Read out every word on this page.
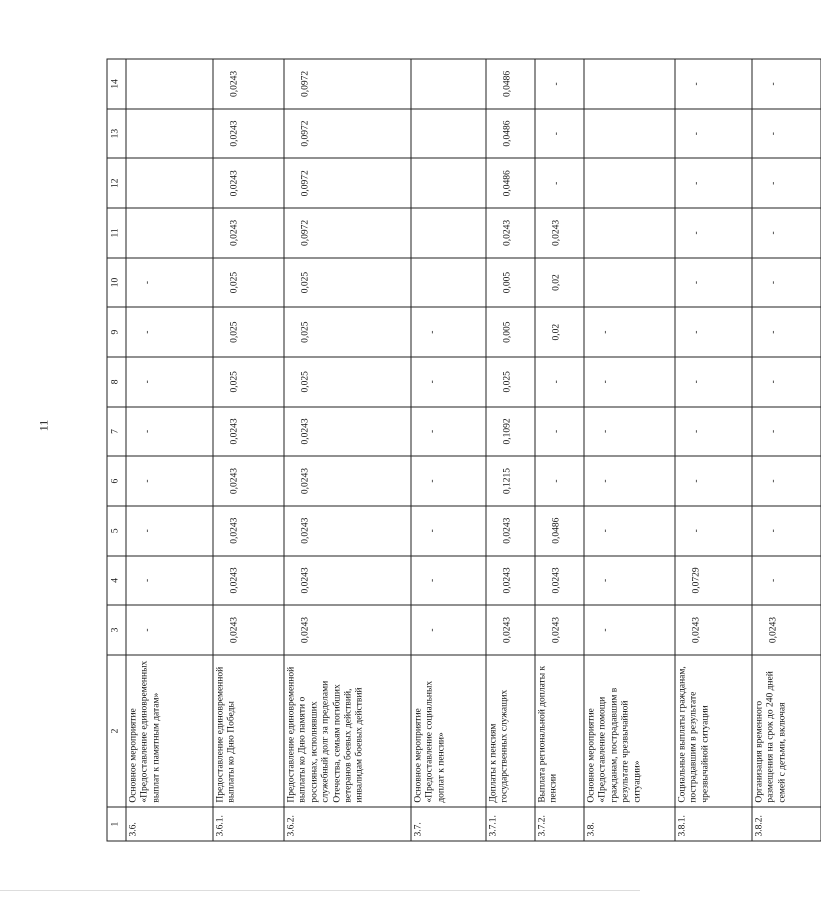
11
1	2	3	4	5	6	7	8	9	10	11	12	13	14
3.6.	Основное мероприятие «Предоставление единовременных выплат к памятным датам»	-	-	-	-	-	-	-	-				
3.6.1.	Предоставление единовременной выплаты ко Дню Победы	0,0243	0,0243	0,0243	0,0243	0,0243	0,025	0,025	0,025	0,0243	0,0243	0,0243	0,0243
3.6.2.	Предоставление единовременной выплаты ко Дню памяти о россиянах, исполнявших служебный долг за пределами Отечества, семьям погибших ветеранов боевых действий, инвалидам боевых действий	0,0243	0,0243	0,0243	0,0243	0,0243	0,025	0,025	0,025	0,0972	0,0972	0,0972	0,0972
3.7.	Основное мероприятие «Предоставление социальных доплат к пенсии»	-	-	-	-	-	-	-					
3.7.1.	Доплаты к пенсиям государственных служащих	0,0243	0,0243	0,0243	0,1215	0,1092	0,025	0,005	0,005	0,0243	0,0486	0,0486	0,0486
3.7.2.	Выплата региональной доплаты к пенсии	0,0243	0,0243	0,0486	-	-	-	0,02	0,02	0,0243	-	-	-
3.8.	Основное мероприятие «Предоставление помощи гражданам, пострадавшим в результате чрезвычайной ситуации»	-	-	-	-	-	-	-					
3.8.1.	Социальные выплаты гражданам, пострадавшим в результате чрезвычайной ситуации	0,0243	0,0729	-	-	-	-	-	-	-	-	-	-
3.8.2.	Организация временного размещения на срок до 240 дней семей с детьми, включая	0,0243	-	-	-	-	-	-	-	-	-	-	-
